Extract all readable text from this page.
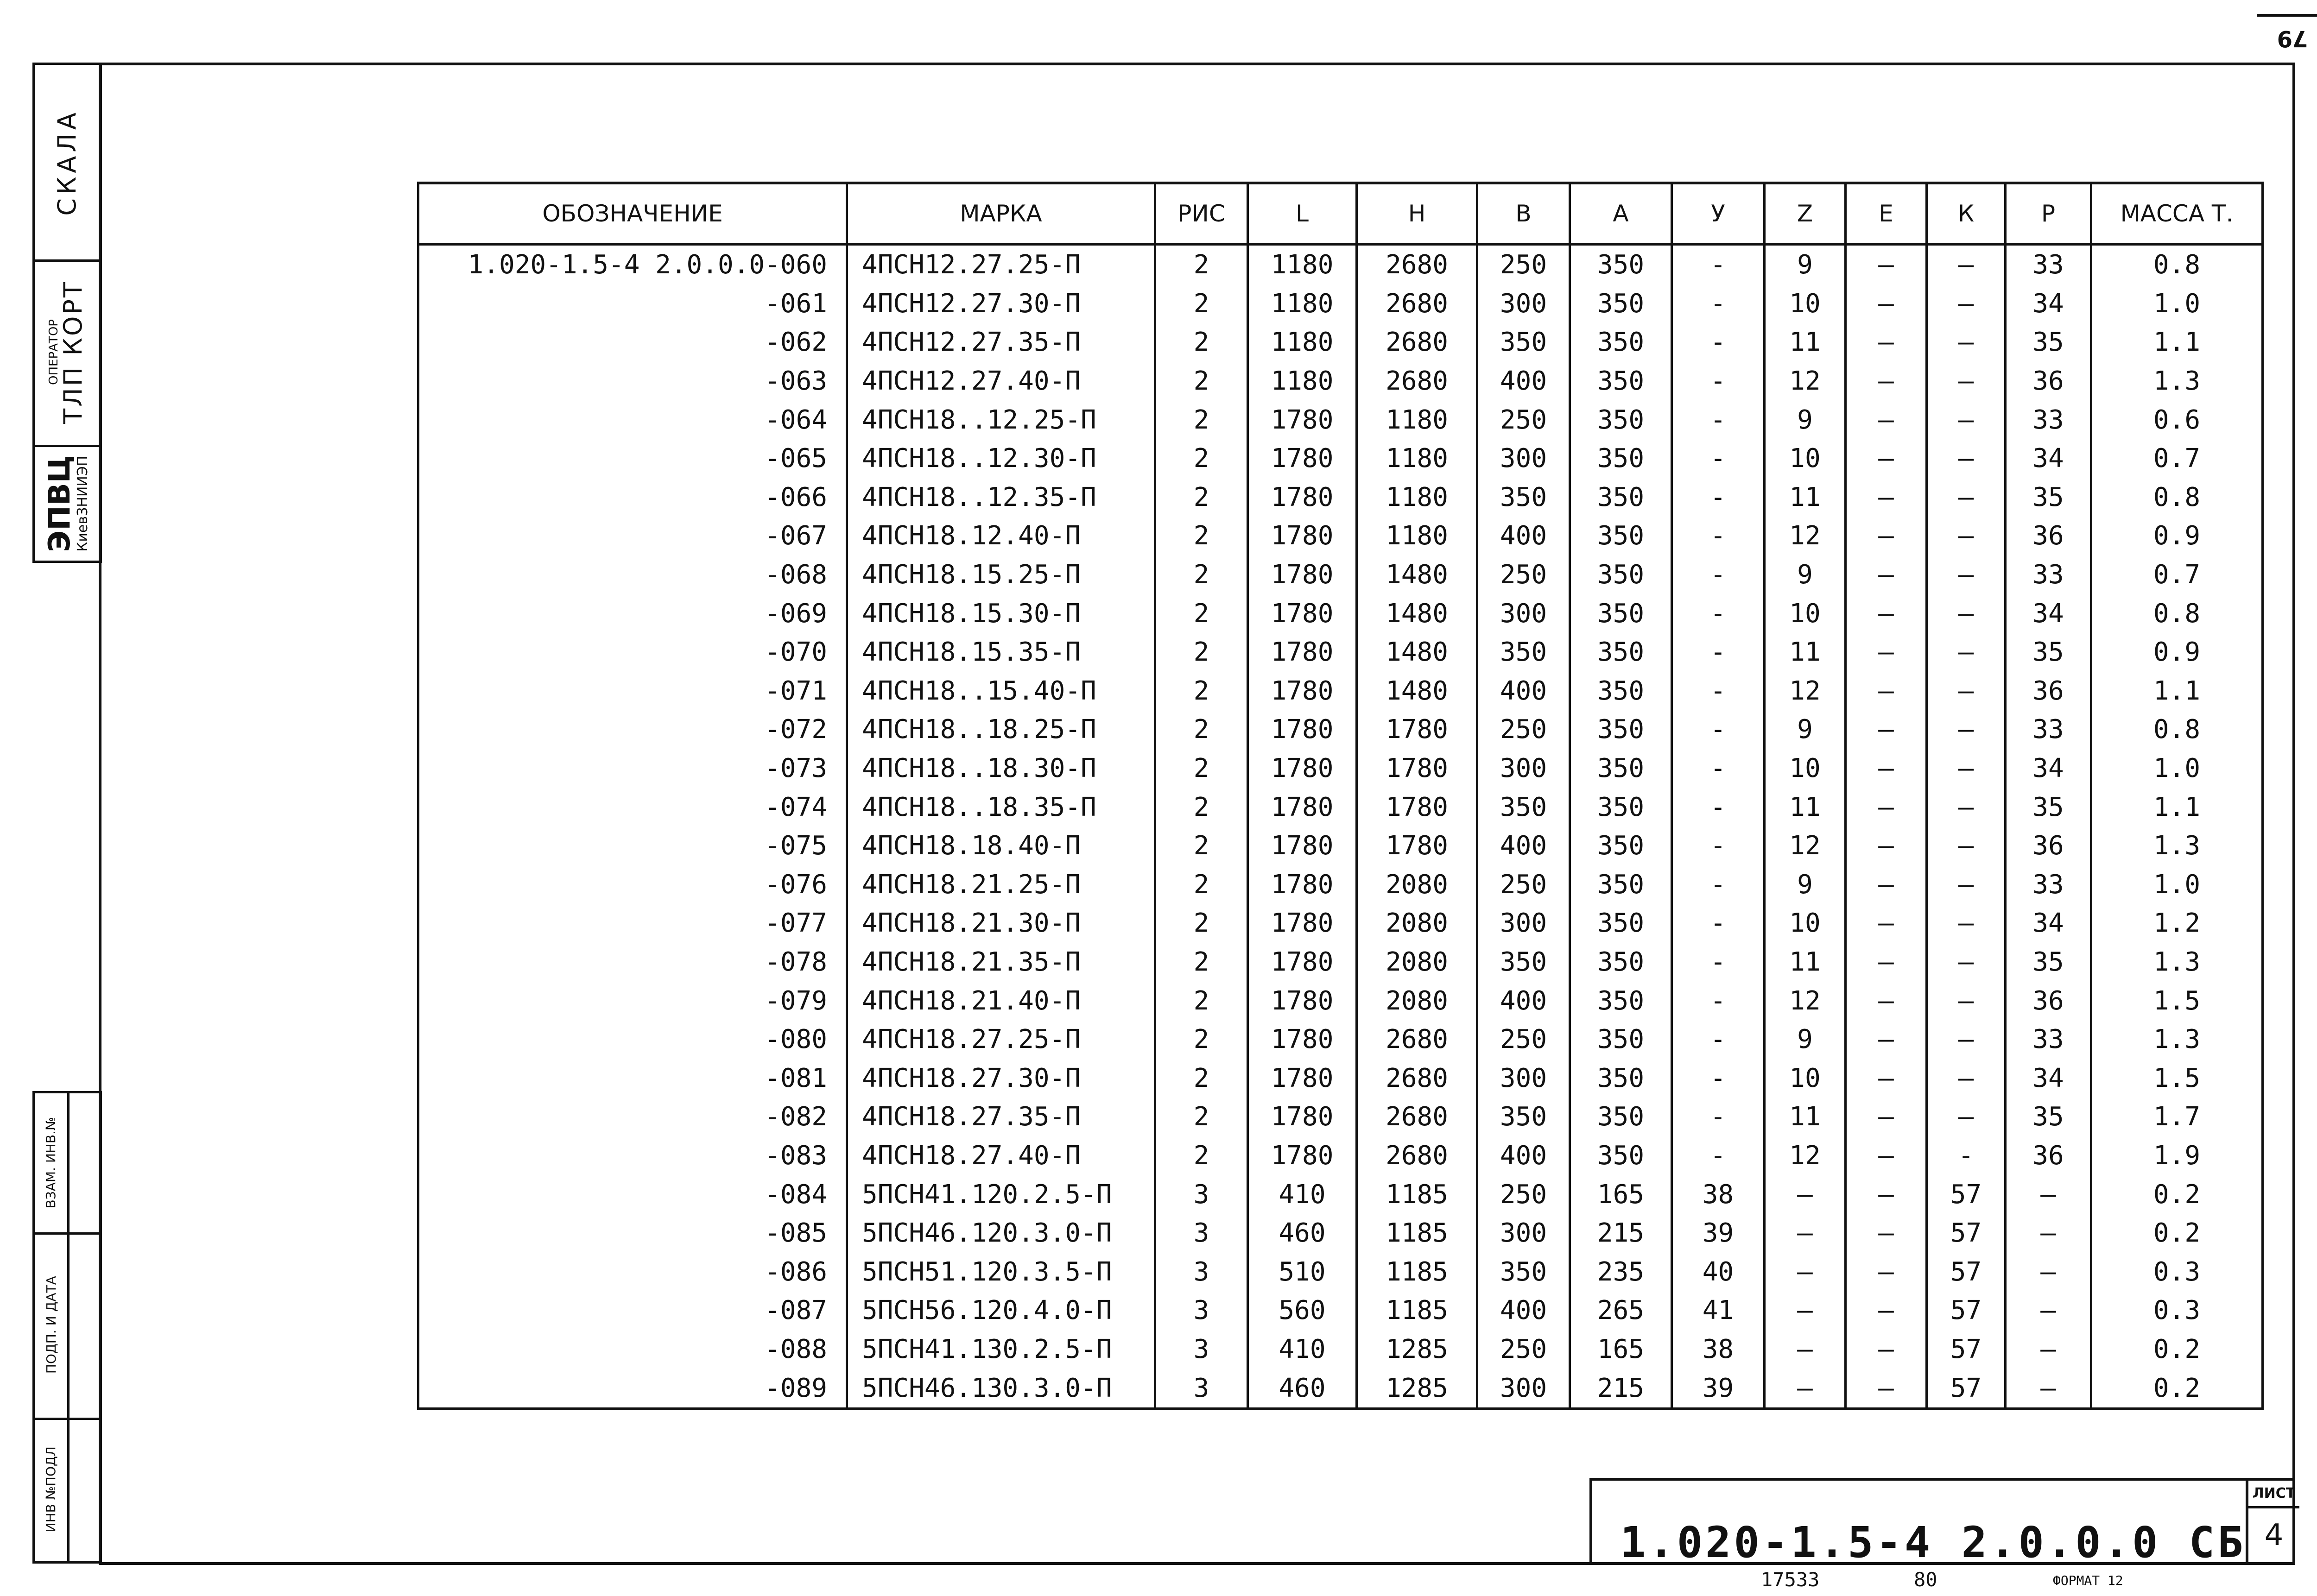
79
СКАЛА
ОПЕРАТОР
ТЛП КОРТ
ЭПВЦ
КиевЗНИИЭП
ВЗАМ. ИНВ.№
ПОДП. И ДАТА
ИНВ №ПОДЛ
ОБОЗНАЧЕНИЕ	МАРКА	РИС	L	Н	В	А	У	Z	Е	К	Р	МАССА Т.
1.020-1.5-4 2.0.0.0-060	4ПСН12.27.25-П	2	1180	2680	250	350	-	9	–	–	33	0.8
-061	4ПСН12.27.30-П	2	1180	2680	300	350	-	10	–	–	34	1.0
-062	4ПСН12.27.35-П	2	1180	2680	350	350	-	11	–	–	35	1.1
-063	4ПСН12.27.40-П	2	1180	2680	400	350	-	12	–	–	36	1.3
-064	4ПСН18..12.25-П	2	1780	1180	250	350	-	9	–	–	33	0.6
-065	4ПСН18..12.30-П	2	1780	1180	300	350	-	10	–	–	34	0.7
-066	4ПСН18..12.35-П	2	1780	1180	350	350	-	11	–	–	35	0.8
-067	4ПСН18.12.40-П	2	1780	1180	400	350	-	12	–	–	36	0.9
-068	4ПСН18.15.25-П	2	1780	1480	250	350	-	9	–	–	33	0.7
-069	4ПСН18.15.30-П	2	1780	1480	300	350	-	10	–	–	34	0.8
-070	4ПСН18.15.35-П	2	1780	1480	350	350	-	11	–	–	35	0.9
-071	4ПСН18..15.40-П	2	1780	1480	400	350	-	12	–	–	36	1.1
-072	4ПСН18..18.25-П	2	1780	1780	250	350	-	9	–	–	33	0.8
-073	4ПСН18..18.30-П	2	1780	1780	300	350	-	10	–	–	34	1.0
-074	4ПСН18..18.35-П	2	1780	1780	350	350	-	11	–	–	35	1.1
-075	4ПСН18.18.40-П	2	1780	1780	400	350	-	12	–	–	36	1.3
-076	4ПСН18.21.25-П	2	1780	2080	250	350	-	9	–	–	33	1.0
-077	4ПСН18.21.30-П	2	1780	2080	300	350	-	10	–	–	34	1.2
-078	4ПСН18.21.35-П	2	1780	2080	350	350	-	11	–	–	35	1.3
-079	4ПСН18.21.40-П	2	1780	2080	400	350	-	12	–	–	36	1.5
-080	4ПСН18.27.25-П	2	1780	2680	250	350	-	9	–	–	33	1.3
-081	4ПСН18.27.30-П	2	1780	2680	300	350	-	10	–	–	34	1.5
-082	4ПСН18.27.35-П	2	1780	2680	350	350	-	11	–	–	35	1.7
-083	4ПСН18.27.40-П	2	1780	2680	400	350	-	12	–	-	36	1.9
-084	5ПСН41.120.2.5-П	3	410	1185	250	165	38	–	–	57	–	0.2
-085	5ПСН46.120.3.0-П	3	460	1185	300	215	39	–	–	57	–	0.2
-086	5ПСН51.120.3.5-П	3	510	1185	350	235	40	–	–	57	–	0.3
-087	5ПСН56.120.4.0-П	3	560	1185	400	265	41	–	–	57	–	0.3
-088	5ПСН41.130.2.5-П	3	410	1285	250	165	38	–	–	57	–	0.2
-089	5ПСН46.130.3.0-П	3	460	1285	300	215	39	–	–	57	–	0.2
1.020-1.5-4 2.0.0.0 СБ
ЛИСТ
4
17533	80	ФОРМАТ 12
